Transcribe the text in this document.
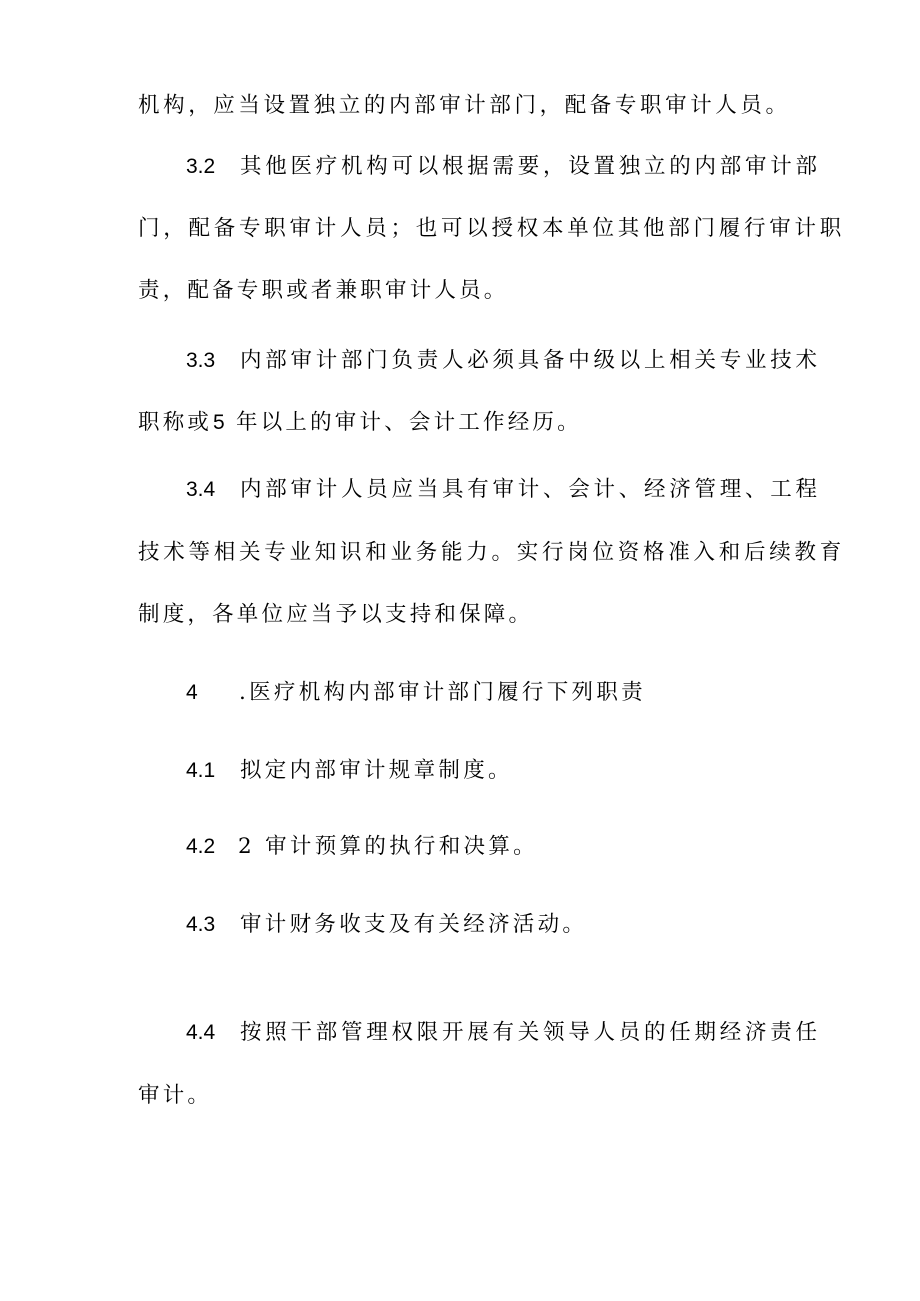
机构，应当设置独立的内部审计部门，配备专职审计人员。
3.2 其他医疗机构可以根据需要，设置独立的内部审计部
门，配备专职审计人员；也可以授权本单位其他部门履行审计职
责，配备专职或者兼职审计人员。
3.3 内部审计部门负责人必须具备中级以上相关专业技术
职称或 5 年以上的审计、会计工作经历。
3.4 内部审计人员应当具有审计、会计、经济管理、工程
技术等相关专业知识和业务能力。实行岗位资格准入和后续教育
制度，各单位应当予以支持和保障。
4 .医疗机构内部审计部门履行下列职责
4.1 拟定内部审计规章制度。
4.2 2 审计预算的执行和决算。
4.3 审计财务收支及有关经济活动。
4.4 按照干部管理权限开展有关领导人员的任期经济责任
审计。
